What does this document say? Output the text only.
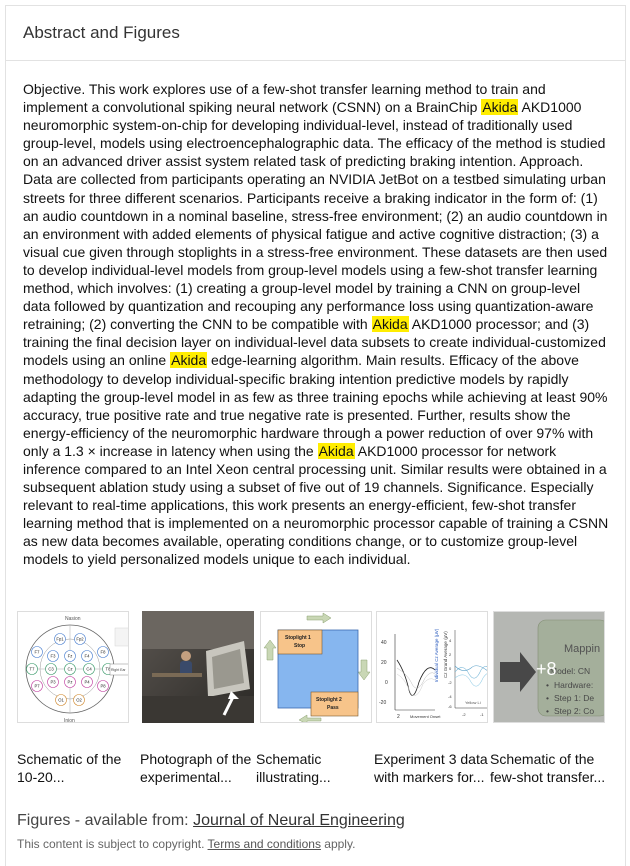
Abstract and Figures

Objective. This work explores use of a few-shot transfer learning method to train and implement a convolutional spiking neural network (CSNN) on a BrainChip Akida AKD1000 neuromorphic system-on-chip for developing individual-level, instead of traditionally used group-level, models using electroencephalographic data. The efficacy of the method is studied on an advanced driver assist system related task of predicting braking intention. Approach. Data are collected from participants operating an NVIDIA JetBot on a testbed simulating urban streets for three different scenarios. Participants receive a braking indicator in the form of: (1) an audio countdown in a nominal baseline, stress-free environment; (2) an audio countdown in an environment with added elements of physical fatigue and active cognitive distraction; (3) a visual cue given through stoplights in a stress-free environment. These datasets are then used to develop individual-level models from group-level models using a few-shot transfer learning method, which involves: (1) creating a group-level model by training a CNN on group-level data followed by quantization and recouping any performance loss using quantization-aware retraining; (2) converting the CNN to be compatible with Akida AKD1000 processor; and (3) training the final decision layer on individual-level data subsets to create individual-customized models using an online Akida edge-learning algorithm. Main results. Efficacy of the above methodology to develop individual-specific braking intention predictive models by rapidly adapting the group-level model in as few as three training epochs while achieving at least 90% accuracy, true positive rate and true negative rate is presented. Further, results show the energy-efficiency of the neuromorphic hardware through a power reduction of over 97% with only a 1.3 × increase in latency when using the Akida AKD1000 processor for network inference compared to an Intel Xeon central processing unit. Similar results were obtained in a subsequent ablation study using a subset of five out of 19 channels. Significance. Especially relevant to real-time applications, this work presents an energy-efficient, few-shot transfer learning method that is implemented on a neuromorphic processor capable of training a CSNN as new data becomes available, operating conditions change, or to customize group-level models to yield personalized models unique to each individual.

Nasion
Fp1	Fp2
F7
F3	Fz	F4
F8
T7	C3	Cz	C4	T8
P7
P3	Pz	P4
P8
O1	O2
Right Ear
Inion
Stoplight 1
Stop
Stoplight 2
Pass
40
20
0
-20
2	Movement Onset
Individual Cz Average (µV) Cz Grand Average (µV) 4
2
0
-2
-4
-6
-2	-1
Yellow Li
+8
Schematic of the
10-20...
Photograph of the
experimental...
Schematic
illustrating...
Experiment 3 data
with markers for...
Schematic of the
few-shot transfer...
Figures - available from: Journal of Neural Engineering
This content is subject to copyright. Terms and conditions apply.
